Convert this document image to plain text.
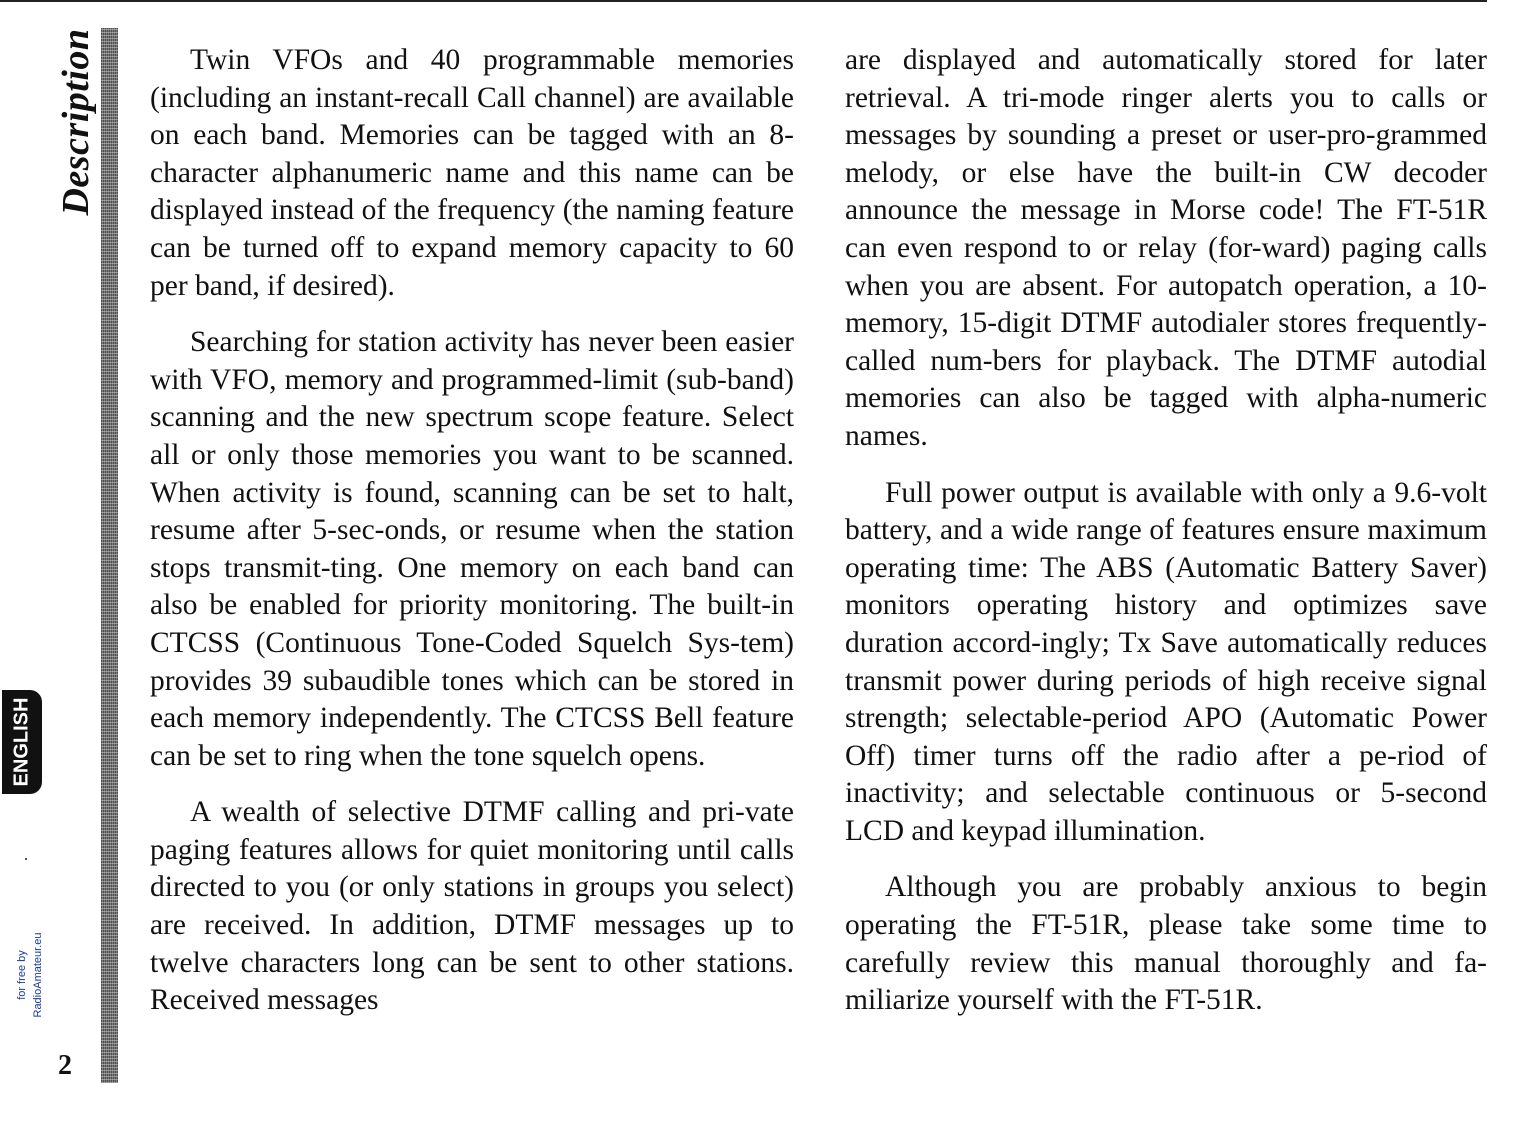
Description
ENGLISH
for free by RadioAmateur.eu
2

Twin VFOs and 40 programmable memories (including an instant-recall Call channel) are available on each band. Memories can be tagged with an 8-character alphanumeric name and this name can be displayed instead of the frequency (the naming feature can be turned off to expand memory capacity to 60 per band, if desired).

Searching for station activity has never been easier with VFO, memory and programmed-limit (sub-band) scanning and the new spectrum scope feature. Select all or only those memories you want to be scanned. When activity is found, scanning can be set to halt, resume after 5-sec-onds, or resume when the station stops transmit-ting. One memory on each band can also be enabled for priority monitoring. The built-in CTCSS (Continuous Tone-Coded Squelch Sys-tem) provides 39 subaudible tones which can be stored in each memory independently. The CTCSS Bell feature can be set to ring when the tone squelch opens.

A wealth of selective DTMF calling and pri-vate paging features allows for quiet monitoring until calls directed to you (or only stations in groups you select) are received. In addition, DTMF messages up to twelve characters long can be sent to other stations. Received messages

are displayed and automatically stored for later retrieval. A tri-mode ringer alerts you to calls or messages by sounding a preset or user-pro-grammed melody, or else have the built-in CW decoder announce the message in Morse code! The FT-51R can even respond to or relay (for-ward) paging calls when you are absent. For autopatch operation, a 10-memory, 15-digit DTMF autodialer stores frequently-called num-bers for playback. The DTMF autodial memories can also be tagged with alpha-numeric names.

Full power output is available with only a 9.6-volt battery, and a wide range of features ensure maximum operating time: The ABS (Automatic Battery Saver) monitors operating history and optimizes save duration accord-ingly; Tx Save automatically reduces transmit power during periods of high receive signal strength; selectable-period APO (Automatic Power Off) timer turns off the radio after a pe-riod of inactivity; and selectable continuous or 5-second LCD and keypad illumination.

Although you are probably anxious to begin operating the FT-51R, please take some time to carefully review this manual thoroughly and fa-miliarize yourself with the FT-51R.
